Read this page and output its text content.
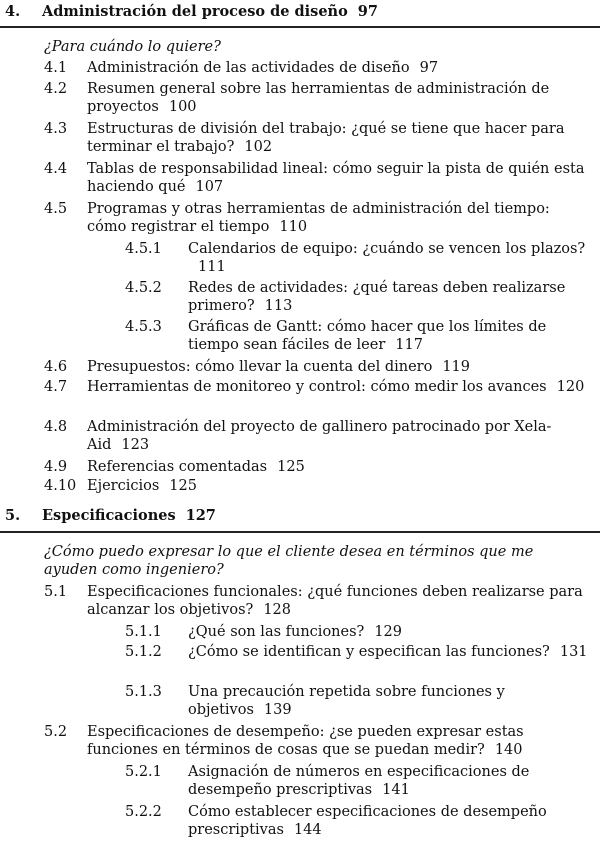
4.	Administración del proceso de diseño 97
¿Para cuándo lo quiere?
4.1 Administración de las actividades de diseño 97
4.2 Resumen general sobre las herramientas de administración de proyectos 100
4.3 Estructuras de división del trabajo: ¿qué se tiene que hacer para terminar el trabajo? 102
4.4 Tablas de responsabilidad lineal: cómo seguir la pista de quién esta haciendo qué 107
4.5 Programas y otras herramientas de administración del tiempo: cómo registrar el tiempo 110
4.5.1 Calendarios de equipo: ¿cuándo se vencen los plazos?111
4.5.2 Redes de actividades: ¿qué tareas deben realizarse primero? 113
4.5.3 Gráficas de Gantt: cómo hacer que los límites de tiempo sean fáciles de leer 117
4.6 Presupuestos: cómo llevar la cuenta del dinero 119
4.7 Herramientas de monitoreo y control: cómo medir los avances 120
4.8 Administración del proyecto de gallinero patrocinado por Xela-Aid 123
4.9 Referencias comentadas 125
4.10 Ejercicios 125
5.	Especificaciones 127
¿Cómo puedo expresar lo que el cliente desea en términos que me ayuden como ingeniero?
5.1 Especificaciones funcionales: ¿qué funciones deben realizarse para alcanzar los objetivos? 128
5.1.1 ¿Qué son las funciones? 129
5.1.2 ¿Cómo se identifican y especifican las funciones? 131
5.1.3 Una precaución repetida sobre funciones y objetivos 139
5.2 Especificaciones de desempeño: ¿se pueden expresar estas funciones en términos de cosas que se puedan medir? 140
5.2.1 Asignación de números en especificaciones de desempeño prescriptivas 141
5.2.2 Cómo establecer especificaciones de desempeño prescriptivas 144
